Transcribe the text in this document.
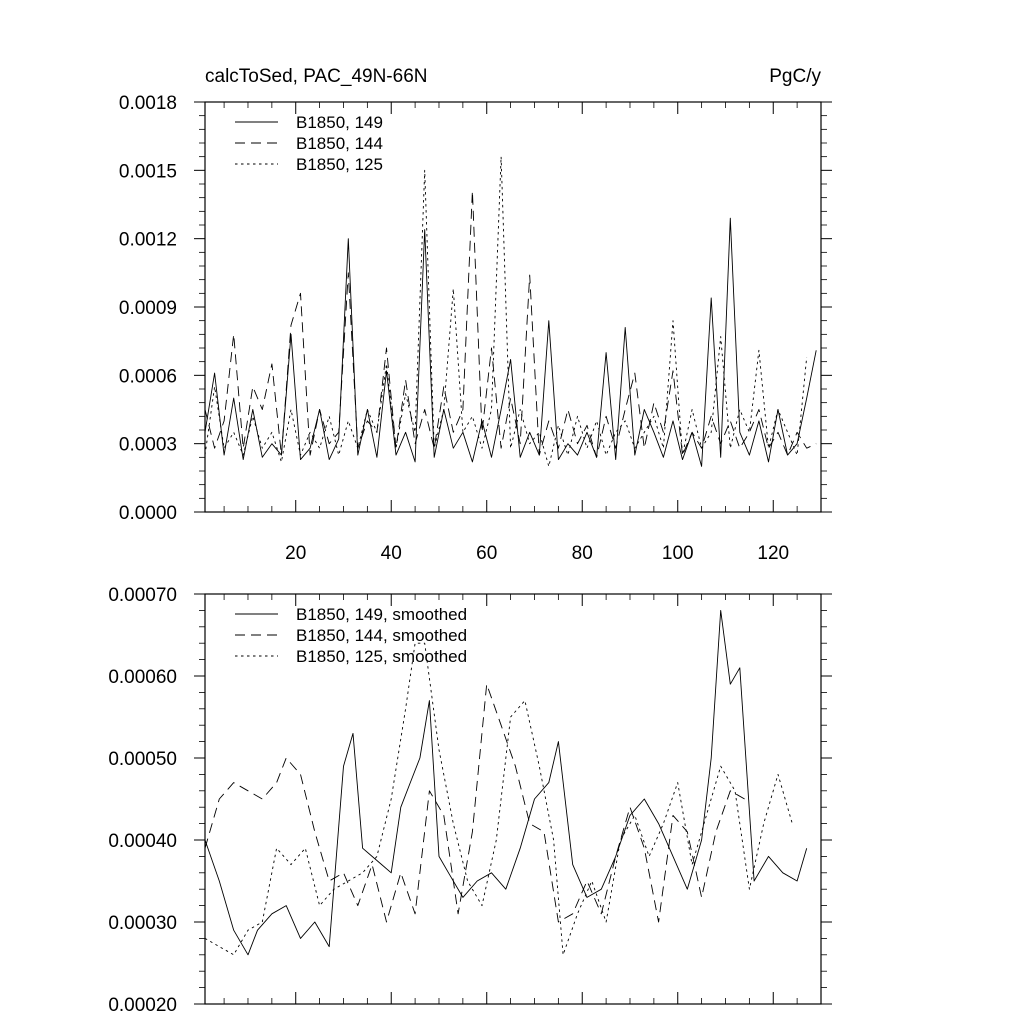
calcToSed, PAC_49N-66N	PgC/y
20	40	60	80	100	120
0.0000
0.0003
0.0006
0.0009
0.0012
0.0015
0.0018
B1850, 149
B1850, 144
B1850, 125
0.00020
0.00030
0.00040
0.00050
0.00060
0.00070
B1850, 149, smoothed
B1850, 144, smoothed
B1850, 125, smoothed
